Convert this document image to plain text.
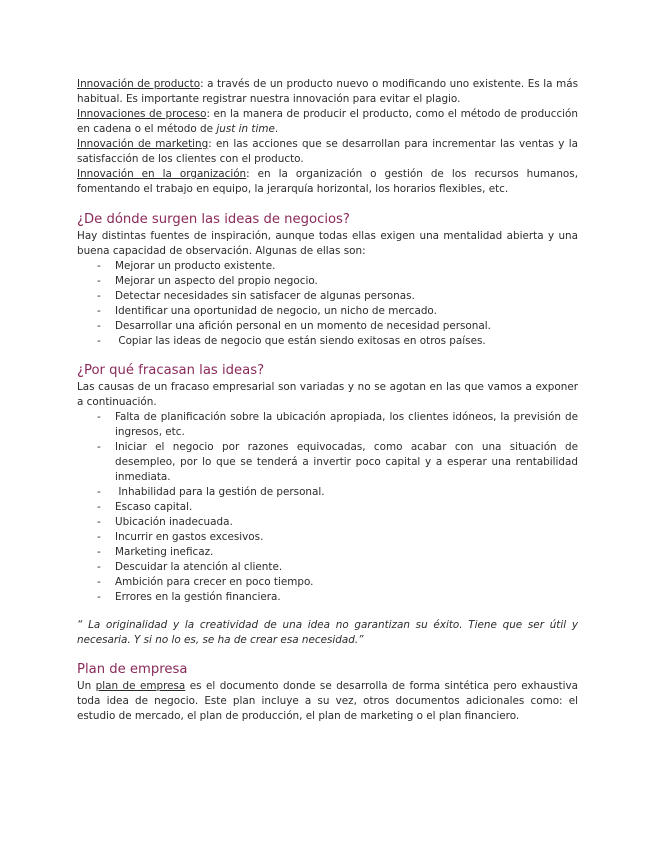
Innovación de producto: a través de un producto nuevo o modificando uno existente. Es la más habitual. Es importante registrar nuestra innovación para evitar el plagio.

Innovaciones de proceso: en la manera de producir el producto, como el método de producción en cadena o el método de just in time.

Innovación de marketing: en las acciones que se desarrollan para incrementar las ventas y la satisfacción de los clientes con el producto.

Innovación en la organización: en la organización o gestión de los recursos humanos, fomentando el trabajo en equipo, la jerarquía horizontal, los horarios flexibles, etc.

¿De dónde surgen las ideas de negocios?

Hay distintas fuentes de inspiración, aunque todas ellas exigen una mentalidad abierta y una buena capacidad de observación. Algunas de ellas son:

- Mejorar un producto existente.
- Mejorar un aspecto del propio negocio.
- Detectar necesidades sin satisfacer de algunas personas.
- Identificar una oportunidad de negocio, un nicho de mercado.
- Desarrollar una afición personal en un momento de necesidad personal.
-  Copiar las ideas de negocio que están siendo exitosas en otros países.
¿Por qué fracasan las ideas?

Las causas de un fracaso empresarial son variadas y no se agotan en las que vamos a exponer a continuación.

- Falta de planificación sobre la ubicación apropiada, los clientes idóneos, la previsión de ingresos, etc.
- Iniciar el negocio por razones equivocadas, como acabar con una situación de desempleo, por lo que se tenderá a invertir poco capital y a esperar una rentabilidad inmediata.
-  Inhabilidad para la gestión de personal.
- Escaso capital.
- Ubicación inadecuada.
- Incurrir en gastos excesivos.
- Marketing ineficaz.
- Descuidar la atención al cliente.
- Ambición para crecer en poco tiempo.
- Errores en la gestión financiera.

“ La originalidad y la creatividad de una idea no garantizan su éxito. Tiene que ser útil y necesaria. Y si no lo es, se ha de crear esa necesidad.”

Plan de empresa

Un plan de empresa es el documento donde se desarrolla de forma sintética pero exhaustiva toda idea de negocio. Este plan incluye a su vez, otros documentos adicionales como: el estudio de mercado, el plan de producción, el plan de marketing o el plan financiero.
